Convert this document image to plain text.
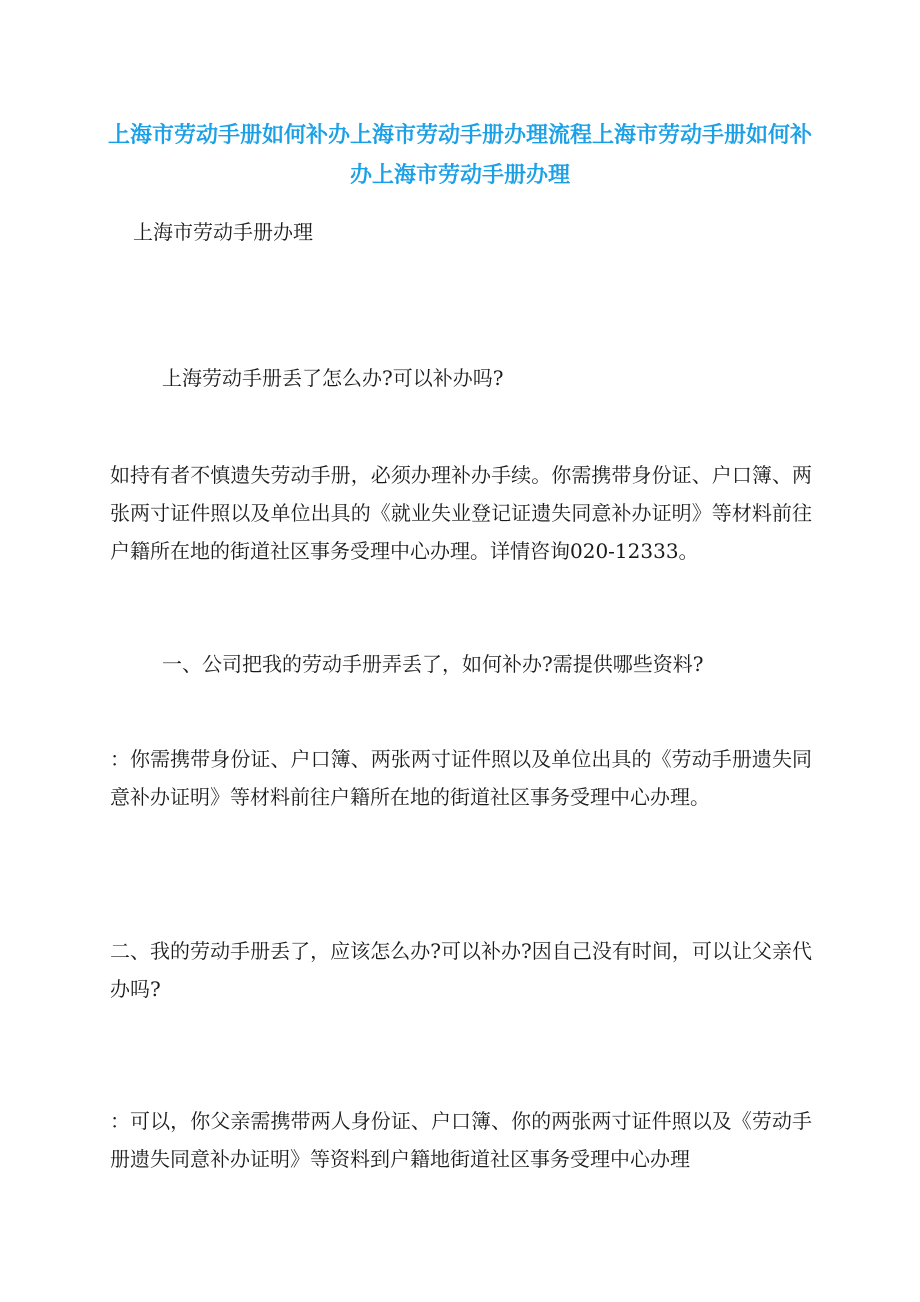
上海市劳动手册如何补办上海市劳动手册办理流程上海市劳动手册如何补办上海市劳动手册办理

上海市劳动手册办理

上海劳动手册丢了怎么办?可以补办吗?

如持有者不慎遗失劳动手册，必须办理补办手续。你需携带身份证、户口簿、两张两寸证件照以及单位出具的《就业失业登记证遗失同意补办证明》等材料前往户籍所在地的街道社区事务受理中心办理。详情咨询020-12333。

一、公司把我的劳动手册弄丢了，如何补办?需提供哪些资料?

：你需携带身份证、户口簿、两张两寸证件照以及单位出具的《劳动手册遗失同意补办证明》等材料前往户籍所在地的街道社区事务受理中心办理。

二、我的劳动手册丢了，应该怎么办?可以补办?因自己没有时间，可以让父亲代办吗?

：可以，你父亲需携带两人身份证、户口簿、你的两张两寸证件照以及《劳动手册遗失同意补办证明》等资料到户籍地街道社区事务受理中心办理
